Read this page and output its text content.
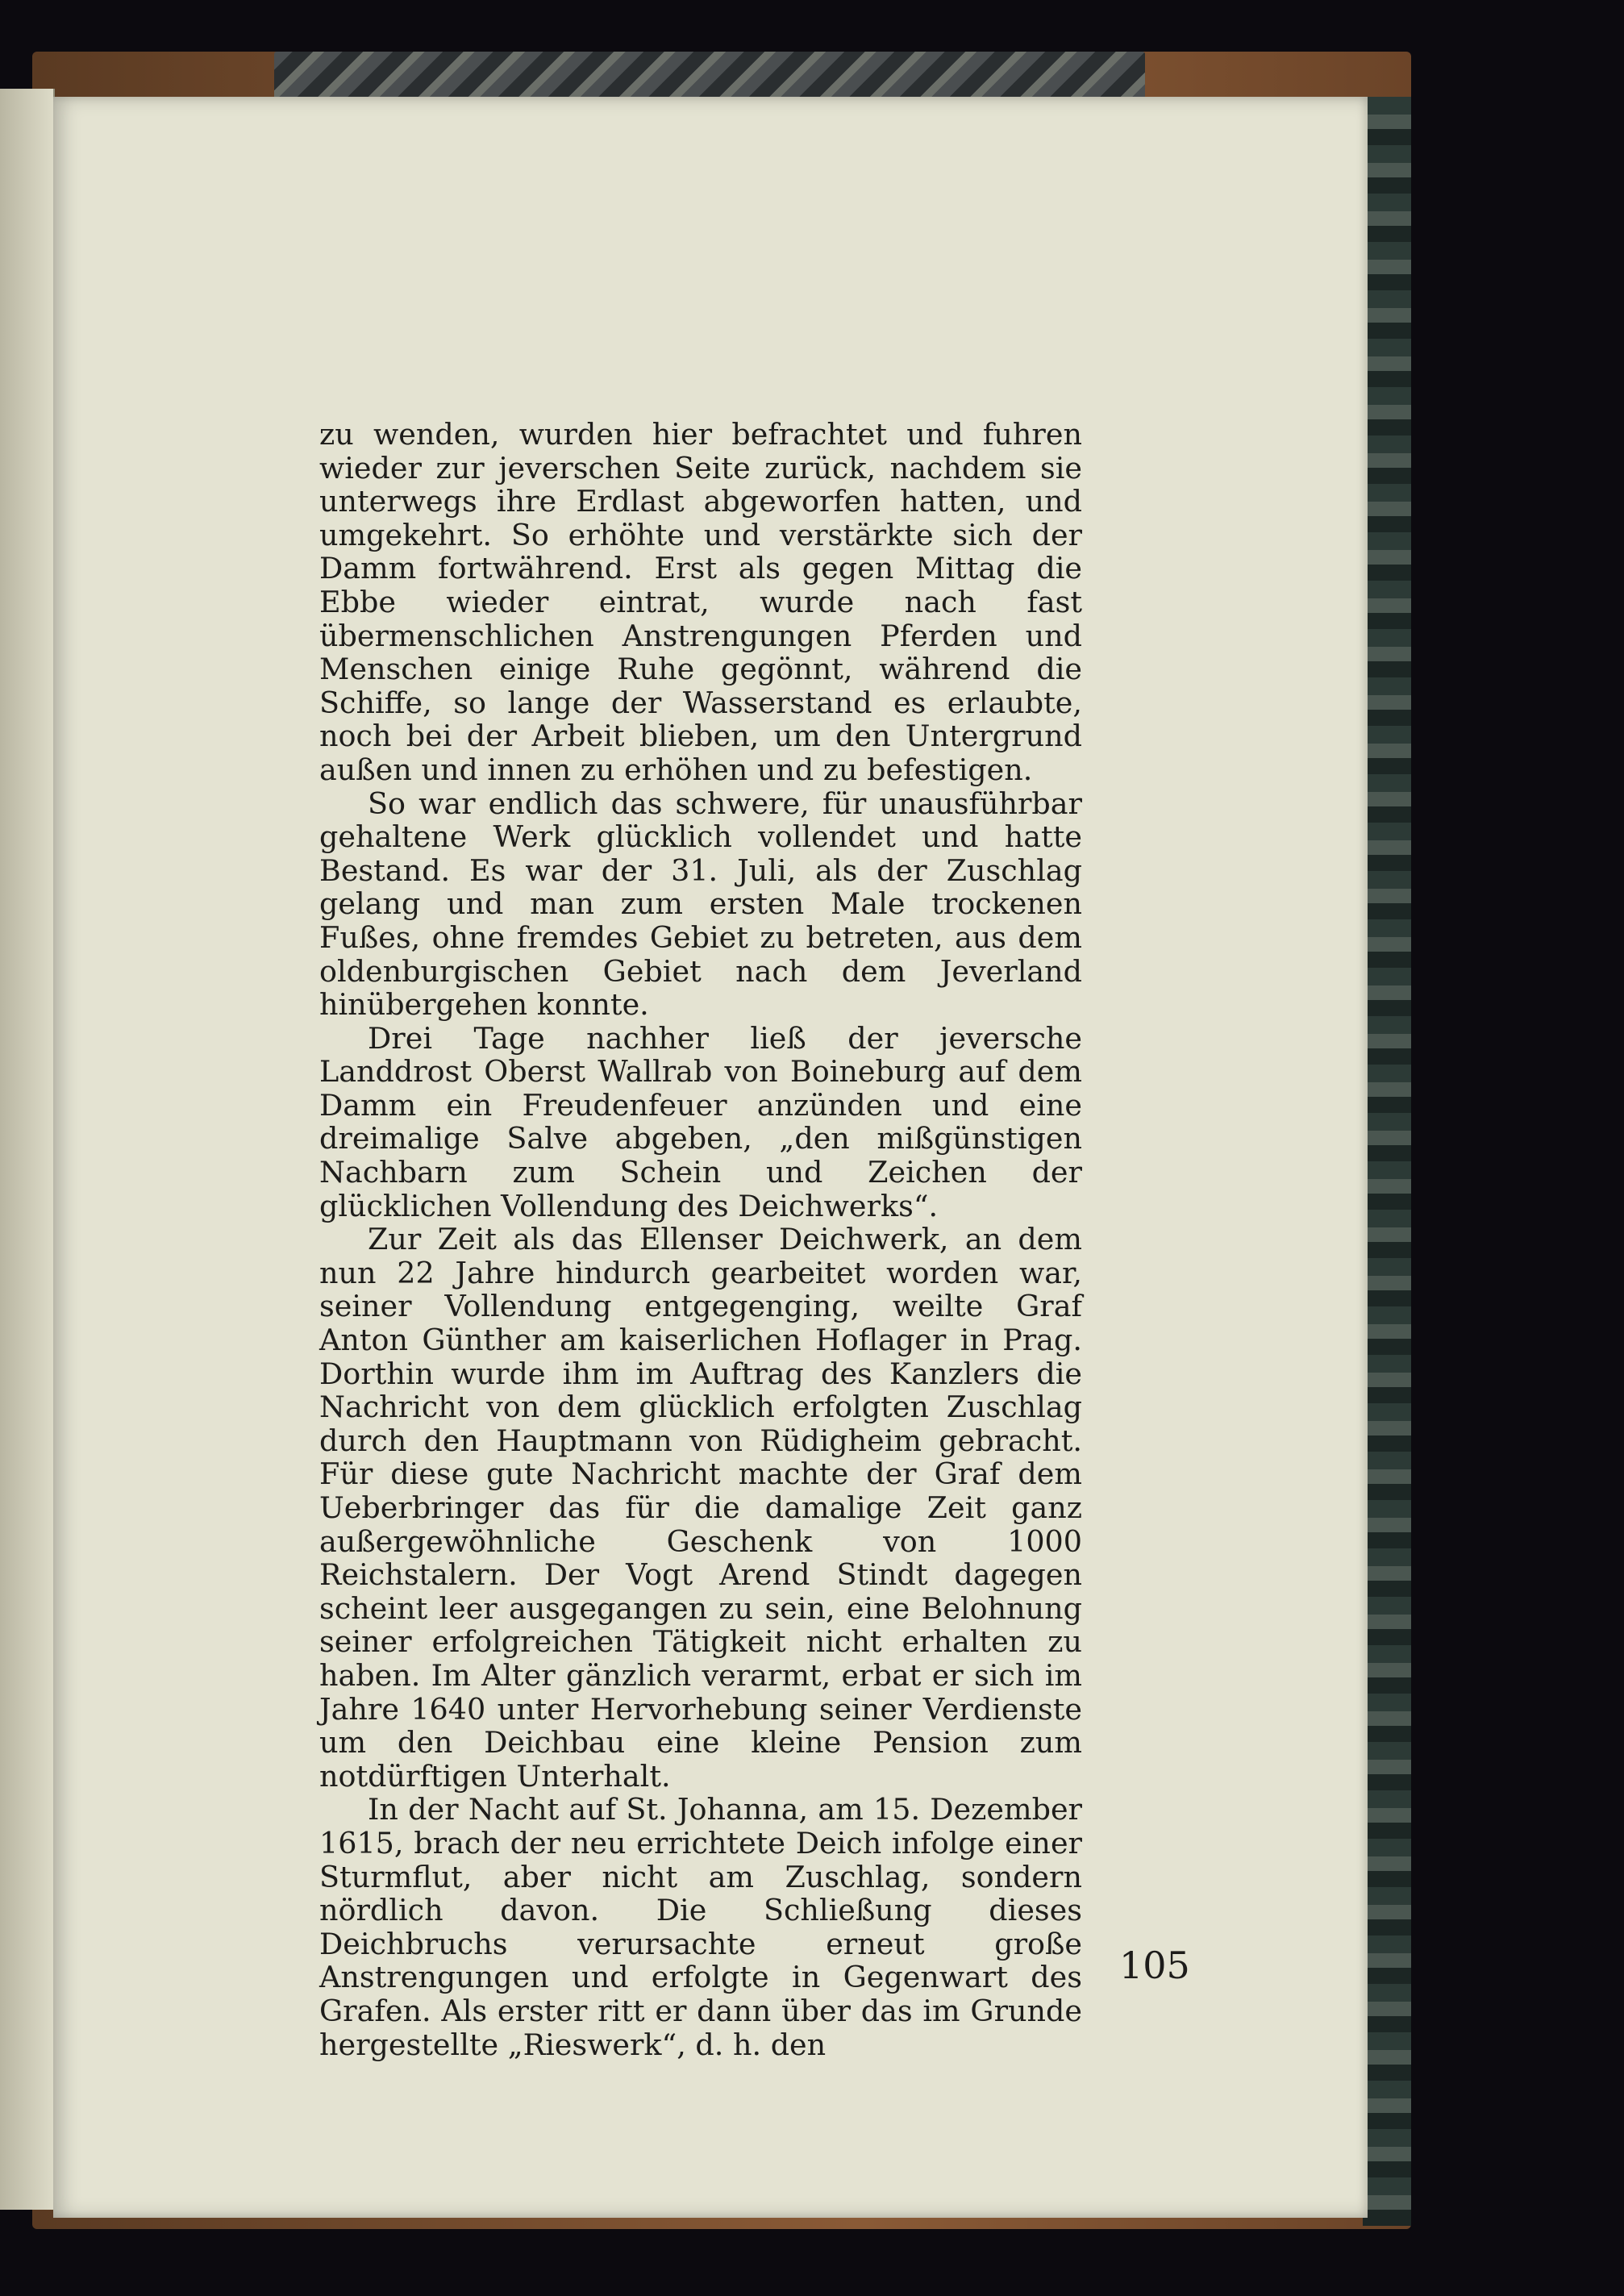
zu wenden, wurden hier befrachtet und fuhren wieder zur jeverschen Seite zurück, nachdem sie unterwegs ihre Erdlast abgeworfen hatten, und umgekehrt. So erhöhte und verstärkte sich der Damm fortwährend. Erst als gegen Mittag die Ebbe wieder eintrat, wurde nach fast übermenschlichen Anstrengungen Pferden und Menschen einige Ruhe gegönnt, während die Schiffe, so lange der Wasserstand es erlaubte, noch bei der Arbeit blieben, um den Untergrund außen und innen zu erhöhen und zu befestigen.

So war endlich das schwere, für unausführbar gehaltene Werk glücklich vollendet und hatte Bestand. Es war der 31. Juli, als der Zuschlag gelang und man zum ersten Male trockenen Fußes, ohne fremdes Gebiet zu betreten, aus dem oldenburgischen Gebiet nach dem Jeverland hinübergehen konnte.

Drei Tage nachher ließ der jeversche Landdrost Oberst Wallrab von Boineburg auf dem Damm ein Freudenfeuer anzünden und eine dreimalige Salve abgeben, „den mißgünstigen Nachbarn zum Schein und Zeichen der glücklichen Vollendung des Deichwerks“.

Zur Zeit als das Ellenser Deichwerk, an dem nun 22 Jahre hindurch gearbeitet worden war, seiner Vollendung entgegenging, weilte Graf Anton Günther am kaiserlichen Hoflager in Prag. Dorthin wurde ihm im Auftrag des Kanzlers die Nachricht von dem glücklich erfolgten Zuschlag durch den Hauptmann von Rüdigheim gebracht. Für diese gute Nachricht machte der Graf dem Ueberbringer das für die damalige Zeit ganz außergewöhnliche Geschenk von 1000 Reichstalern. Der Vogt Arend Stindt dagegen scheint leer ausgegangen zu sein, eine Belohnung seiner erfolgreichen Tätigkeit nicht erhalten zu haben. Im Alter gänzlich verarmt, erbat er sich im Jahre 1640 unter Hervorhebung seiner Verdienste um den Deichbau eine kleine Pension zum notdürftigen Unterhalt.

In der Nacht auf St. Johanna, am 15. Dezember 1615, brach der neu errichtete Deich infolge einer Sturmflut, aber nicht am Zuschlag, sondern nördlich davon. Die Schließung dieses Deichbruchs verursachte erneut große Anstrengungen und erfolgte in Gegenwart des Grafen. Als erster ritt er dann über das im Grunde hergestellte „Rieswerk“, d. h. den

105
